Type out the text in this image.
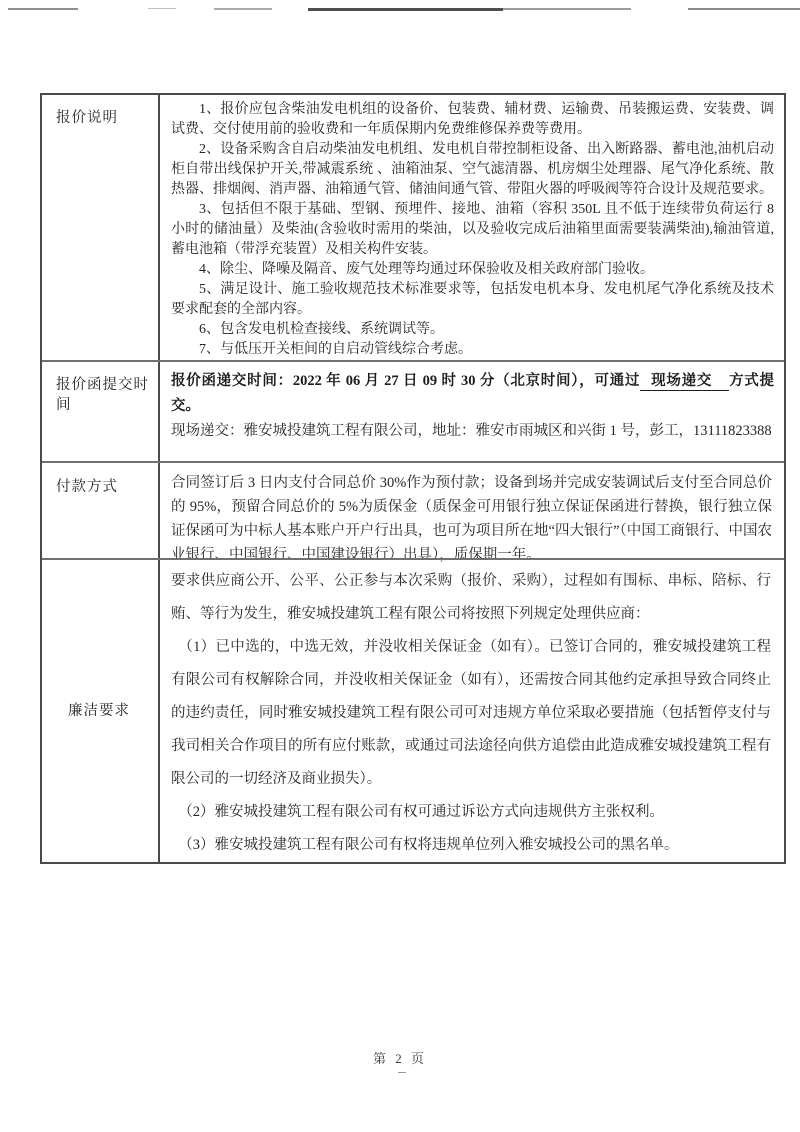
报价说明

1、报价应包含柴油发电机组的设备价、包装费、辅材费、运输费、吊装搬运费、安装费、调试费、交付使用前的验收费和一年质保期内免费维修保养费等费用。

2、设备采购含自启动柴油发电机组、发电机自带控制柜设备、出入断路器、蓄电池,油机启动柜自带出线保护开关,带减震系统 、油箱油泵、空气滤清器、机房烟尘处理器、尾气净化系统、散热器、排烟阀、消声器、油箱通气管、储油间通气管、带阻火器的呼吸阀等符合设计及规范要求。

3、包括但不限于基础、型钢、预埋件、接地、油箱（容积 350L 且不低于连续带负荷运行 8 小时的储油量）及柴油(含验收时需用的柴油，以及验收完成后油箱里面需要装满柴油),输油管道,蓄电池箱（带浮充装置）及相关构件安装。

4、除尘、降噪及隔音、废气处理等均通过环保验收及相关政府部门验收。

5、满足设计、施工验收规范技术标准要求等，包括发电机本身、发电机尾气净化系统及技术要求配套的全部内容。

6、包含发电机检查接线、系统调试等。

7、与低压开关柜间的自启动管线综合考虑。

报价函提交时间

报价函递交时间：2022 年 06 月 27 日 09 时 30 分（北京时间），可通过 现场递交 方式提交。

现场递交：雅安城投建筑工程有限公司，地址：雅安市雨城区和兴街 1 号，彭工，13111823388

付款方式	合同签订后 3 日内支付合同总价 30%作为预付款；设备到场并完成安装调试后支付至合同总价的 95%，预留合同总价的 5%为质保金（质保金可用银行独立保证保函进行替换，银行独立保证保函可为中标人基本账户开户行出具，也可为项目所在地“四大银行”（中国工商银行、中国农业银行、中国银行、中国建设银行）出具），质保期一年。

廉洁要求

要求供应商公开、公平、公正参与本次采购（报价、采购），过程如有围标、串标、陪标、行贿、等行为发生，雅安城投建筑工程有限公司将按照下列规定处理供应商：

（1）已中选的，中选无效，并没收相关保证金（如有）。已签订合同的，雅安城投建筑工程有限公司有权解除合同，并没收相关保证金（如有），还需按合同其他约定承担导致合同终止的违约责任，同时雅安城投建筑工程有限公司可对违规方单位采取必要措施（包括暂停支付与我司相关合作项目的所有应付账款，或通过司法途径向供方追偿由此造成雅安城投建筑工程有限公司的一切经济及商业损失）。

（2）雅安城投建筑工程有限公司有权可通过诉讼方式向违规供方主张权利。

（3）雅安城投建筑工程有限公司有权将违规单位列入雅安城投公司的黑名单。

第 2 页
